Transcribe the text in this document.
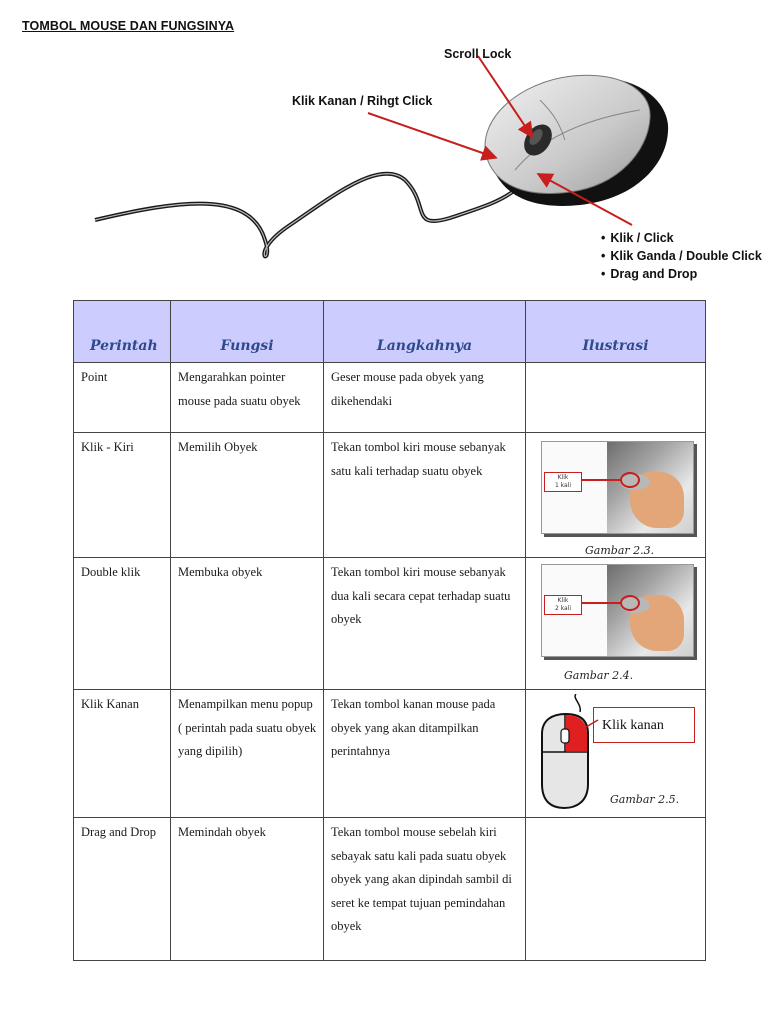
TOMBOL MOUSE DAN FUNGSINYA
Scroll Lock
Klik Kanan / Rihgt Click
• Klik / Click
• Klik Ganda / Double Click
• Drag and Drop
Perintah	Fungsi	Langkahnya	Ilustrasi
Point	Mengarahkan pointer mouse pada suatu obyek	Geser mouse pada obyek yang dikehendaki	
Klik - Kiri	Memilih Obyek	Tekan tombol kiri mouse sebanyak satu kali terhadap suatu obyek	Klik
1 kali
Gambar 2.3.

Double klik	Membuka obyek	Tekan tombol kiri mouse sebanyak dua kali secara cepat terhadap suatu obyek	Klik
2 kali
Gambar 2.4.

Klik Kanan	Menampilkan menu popup ( perintah pada suatu obyek yang dipilih)	Tekan tombol kanan mouse pada obyek yang akan ditampilkan perintahnya	Klik kanan
Gambar 2.5.

Drag and Drop	Memindah obyek	Tekan tombol mouse sebelah kiri sebayak satu kali pada suatu obyek obyek yang akan dipindah sambil di seret ke tempat tujuan pemindahan obyek	
